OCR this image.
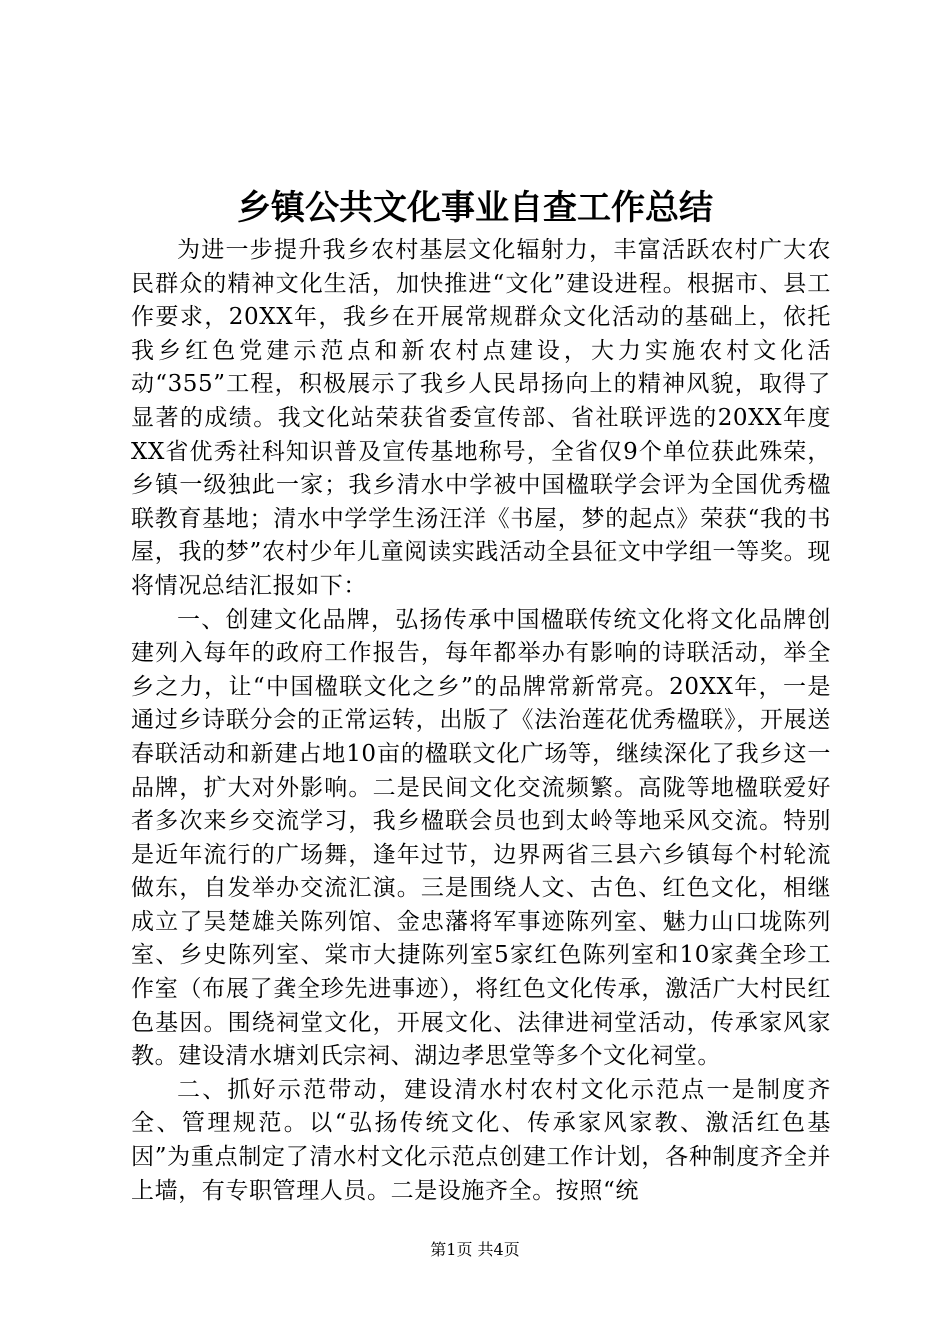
乡镇公共文化事业自查工作总结

为进一步提升我乡农村基层文化辐射力，丰富活跃农村广大农民群众的精神文化生活，加快推进“文化”建设进程。根据市、县工作要求，20XX年，我乡在开展常规群众文化活动的基础上，依托我乡红色党建示范点和新农村点建设，大力实施农村文化活动“355”工程，积极展示了我乡人民昂扬向上的精神风貌，取得了显著的成绩。我文化站荣获省委宣传部、省社联评选的20XX年度XX省优秀社科知识普及宣传基地称号，全省仅9个单位获此殊荣，乡镇一级独此一家；我乡清水中学被中国楹联学会评为全国优秀楹联教育基地；清水中学学生汤汪洋《书屋，梦的起点》荣获“我的书屋，我的梦”农村少年儿童阅读实践活动全县征文中学组一等奖。现将情况总结汇报如下：

一、创建文化品牌，弘扬传承中国楹联传统文化将文化品牌创建列入每年的政府工作报告，每年都举办有影响的诗联活动，举全乡之力，让“中国楹联文化之乡”的品牌常新常亮。20XX年，一是通过乡诗联分会的正常运转，出版了《法治莲花优秀楹联》，开展送春联活动和新建占地10亩的楹联文化广场等，继续深化了我乡这一品牌，扩大对外影响。二是民间文化交流频繁。高陇等地楹联爱好者多次来乡交流学习，我乡楹联会员也到太岭等地采风交流。特别是近年流行的广场舞，逢年过节，边界两省三县六乡镇每个村轮流做东，自发举办交流汇演。三是围绕人文、古色、红色文化，相继成立了吴楚雄关陈列馆、金忠藩将军事迹陈列室、魅力山口垅陈列室、乡史陈列室、棠市大捷陈列室5家红色陈列室和10家龚全珍工作室（布展了龚全珍先进事迹），将红色文化传承，激活广大村民红色基因。围绕祠堂文化，开展文化、法律进祠堂活动，传承家风家教。建设清水塘刘氏宗祠、湖边孝思堂等多个文化祠堂。

二、抓好示范带动，建设清水村农村文化示范点一是制度齐全、管理规范。以“弘扬传统文化、传承家风家教、激活红色基因”为重点制定了清水村文化示范点创建工作计划，各种制度齐全并上墙，有专职管理人员。二是设施齐全。按照“统

第1页 共4页
